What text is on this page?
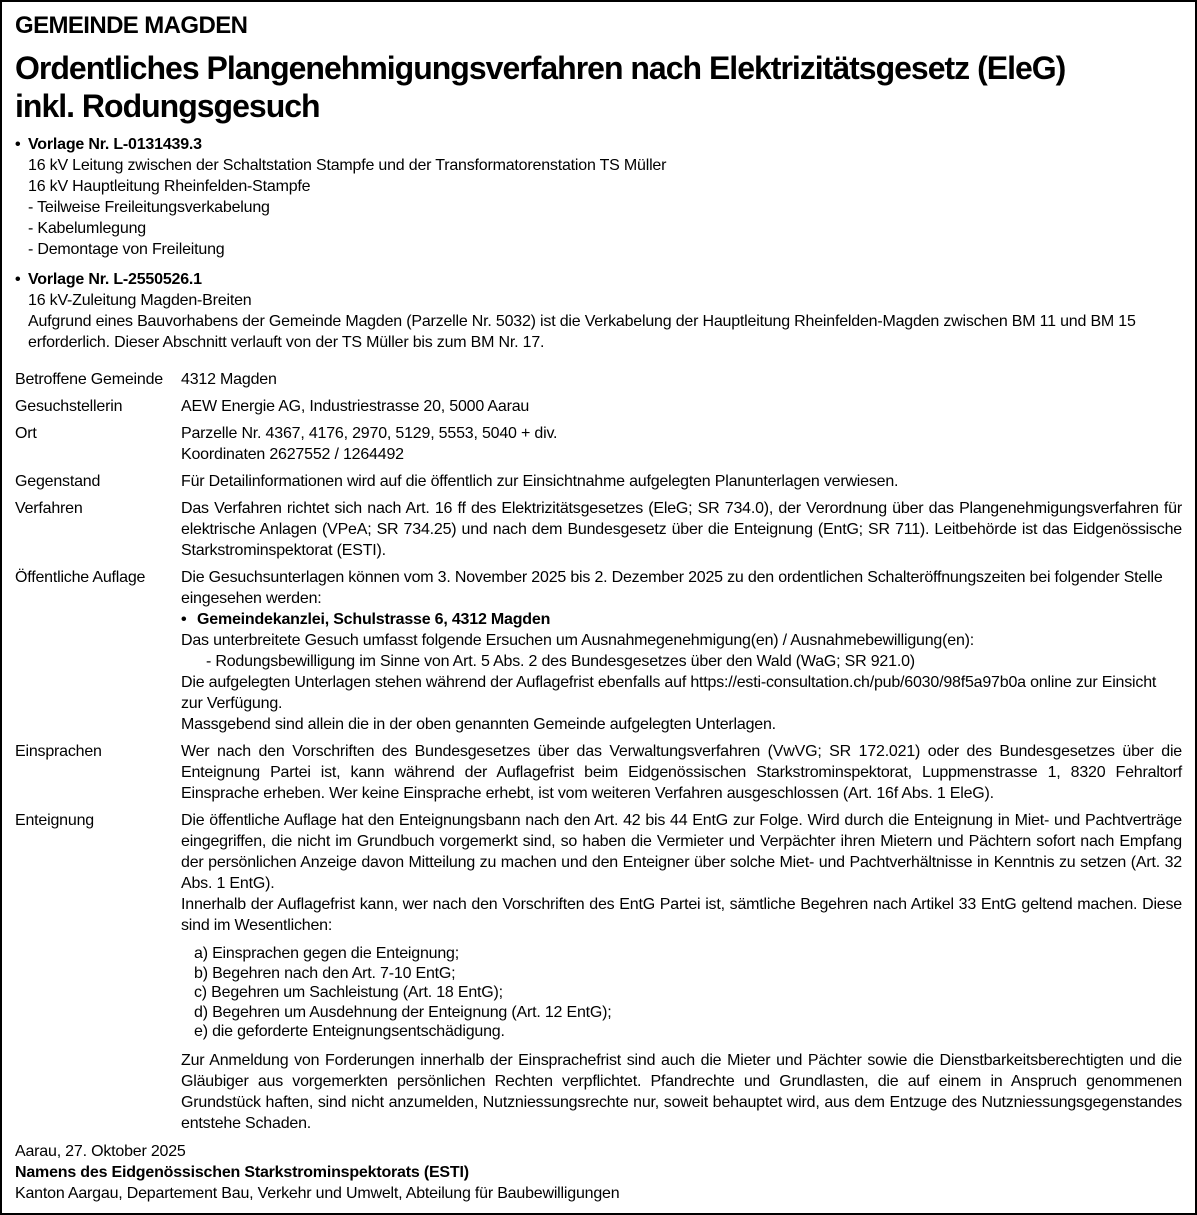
GEMEINDE MAGDEN
Ordentliches Plangenehmigungsverfahren nach Elektrizitätsgesetz (EleG)
inkl. Rodungsgesuch
• Vorlage Nr. L-0131439.3
16 kV Leitung zwischen der Schaltstation Stampfe und der Transformatorenstation TS Müller
16 kV Hauptleitung Rheinfelden-Stampfe
- Teilweise Freileitungsverkabelung
- Kabelumlegung
- Demontage von Freileitung
• Vorlage Nr. L-2550526.1
16 kV-Zuleitung Magden-Breiten
Aufgrund eines Bauvorhabens der Gemeinde Magden (Parzelle Nr. 5032) ist die Verkabelung der Hauptleitung Rheinfelden-Magden zwischen BM 11 und BM 15 erforderlich. Dieser Abschnitt verlauft von der TS Müller bis zum BM Nr. 17.
Betroffene Gemeinde	4312 Magden
Gesuchstellerin	AEW Energie AG, Industriestrasse 20, 5000 Aarau
Ort	Parzelle Nr. 4367, 4176, 2970, 5129, 5553, 5040 + div.
Koordinaten 2627552 / 1264492
Gegenstand	Für Detailinformationen wird auf die öffentlich zur Einsichtnahme aufgelegten Planunterlagen verwiesen.
Verfahren	Das Verfahren richtet sich nach Art. 16 ff des Elektrizitätsgesetzes (EleG; SR 734.0), der Verordnung über das Plangenehmigungsverfahren für elektrische Anlagen (VPeA; SR 734.25) und nach dem Bundesgesetz über die Enteignung (EntG; SR 711). Leitbehörde ist das Eidgenössische Starkstrominspektorat (ESTI).
Öffentliche Auflage	Die Gesuchsunterlagen können vom 3. November 2025 bis 2. Dezember 2025 zu den ordentlichen Schalteröffnungszeiten bei folgender Stelle eingesehen werden:
• Gemeindekanzlei, Schulstrasse 6, 4312 Magden
Das unterbreitete Gesuch umfasst folgende Ersuchen um Ausnahmegenehmigung(en) / Ausnahmebewilligung(en):
- Rodungsbewilligung im Sinne von Art. 5 Abs. 2 des Bundesgesetzes über den Wald (WaG; SR 921.0)
Die aufgelegten Unterlagen stehen während der Auflagefrist ebenfalls auf https://esti-consultation.ch/pub/6030/98f5a97b0a online zur Einsicht zur Verfügung.
Massgebend sind allein die in der oben genannten Gemeinde aufgelegten Unterlagen.
Einsprachen	Wer nach den Vorschriften des Bundesgesetzes über das Verwaltungsverfahren (VwVG; SR 172.021) oder des Bundesgesetzes über die Enteignung Partei ist, kann während der Auflagefrist beim Eidgenössischen Starkstrominspektorat, Luppmenstrasse 1, 8320 Fehraltorf Einsprache erheben. Wer keine Einsprache erhebt, ist vom weiteren Verfahren ausgeschlossen (Art. 16f Abs. 1 EleG).
Enteignung	Die öffentliche Auflage hat den Enteignungsbann nach den Art. 42 bis 44 EntG zur Folge. Wird durch die Enteignung in Miet- und Pachtverträge eingegriffen, die nicht im Grundbuch vorgemerkt sind, so haben die Vermieter und Verpächter ihren Mietern und Pächtern sofort nach Empfang der persönlichen Anzeige davon Mitteilung zu machen und den Enteigner über solche Miet- und Pachtverhältnisse in Kenntnis zu setzen (Art. 32 Abs. 1 EntG).
Innerhalb der Auflagefrist kann, wer nach den Vorschriften des EntG Partei ist, sämtliche Begehren nach Artikel 33 EntG geltend machen. Diese sind im Wesentlichen:
a) Einsprachen gegen die Enteignung;
b) Begehren nach den Art. 7-10 EntG;
c) Begehren um Sachleistung (Art. 18 EntG);
d) Begehren um Ausdehnung der Enteignung (Art. 12 EntG);
e) die geforderte Enteignungsentschädigung.
Zur Anmeldung von Forderungen innerhalb der Einsprachefrist sind auch die Mieter und Pächter sowie die Dienstbarkeitsberechtigten und die Gläubiger aus vorgemerkten persönlichen Rechten verpflichtet. Pfandrechte und Grundlasten, die auf einem in Anspruch genommenen Grundstück haften, sind nicht anzumelden, Nutzniessungsrechte nur, soweit behauptet wird, aus dem Entzuge des Nutzniessungsgegenstandes entstehe Schaden.
Aarau, 27. Oktober 2025
Namens des Eidgenössischen Starkstrominspektorats (ESTI)
Kanton Aargau, Departement Bau, Verkehr und Umwelt, Abteilung für Baubewilligungen
